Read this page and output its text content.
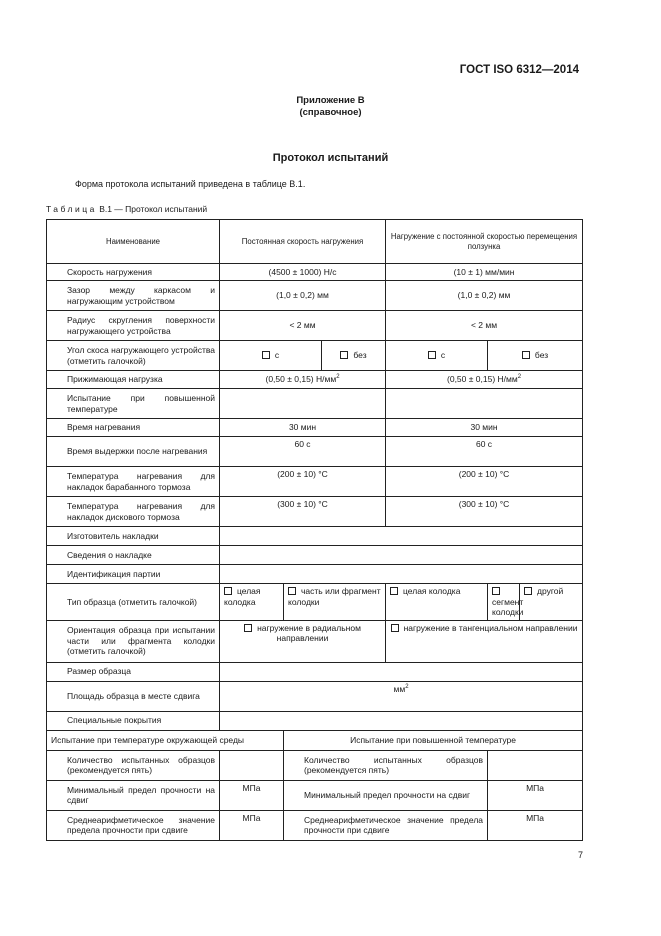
ГОСТ ISO 6312—2014
Приложение В
(справочное)
Протокол испытаний
Форма протокола испытаний приведена в таблице В.1.
Таблица В.1 — Протокол испытаний
Наименование	Постоянная скорость нагружения			Нагружение с постоянной скоростью перемещения ползунка		

Скорость нагружения	(4500 ± 1000) Н/с			(10 ± 1) мм/мин		

Зазор между каркасом и нагружающим устройством	(1,0 ± 0,2) мм			(1,0 ± 0,2) мм		

Радиус скругления поверхности нагружающего устройства	< 2 мм			< 2 мм		

Угол скоса нагружающего устройства (отметить галочкой)	с		без	с	без	

Прижимающая нагрузка	(0,50 ± 0,15) $Н/мм^2$			(0,50 ± 0,15) $Н/мм^2$

Испытание при повышенной температуре						

Время нагревания	30 мин			30 мин		

Время выдержки после нагревания	60 с			60 с		

Температура нагревания для накладок барабанного тормоза	(200 ± 10) °С			(200 ± 10) °С		

Температура нагревания для накладок дискового тормоза	(300 ± 10) °С			(300 ± 10) °С		

Изготовитель накладки						

Сведения о накладке						

Идентификация партии						

Тип образца (отметить галочкой)	целая колодка	часть или фрагмент колодки		целая колодка	сегмент колодки	другой

Ориентация образца при испытании части или фрагмента колодки (отметить галочкой)	нагружение в радиальном направлении			нагружение в тангенциальном направлении		

Размер образца						

Площадь образца в месте сдвига	$мм^2$

Специальные покрытия						

Испытание при температуре окружающей среды		Испытание при повышенной температуре				

Количество испытанных образцов (рекомендуется пять)		Количество испытанных образцов (рекомендуется пять)				

Минимальный предел прочности на сдвиг	МПа	Минимальный предел прочности на сдвиг			МПа	

Среднеарифметическое значение предела прочности при сдвиге	МПа	Среднеарифметическое значение предела прочности при сдвиге			МПа	
7
